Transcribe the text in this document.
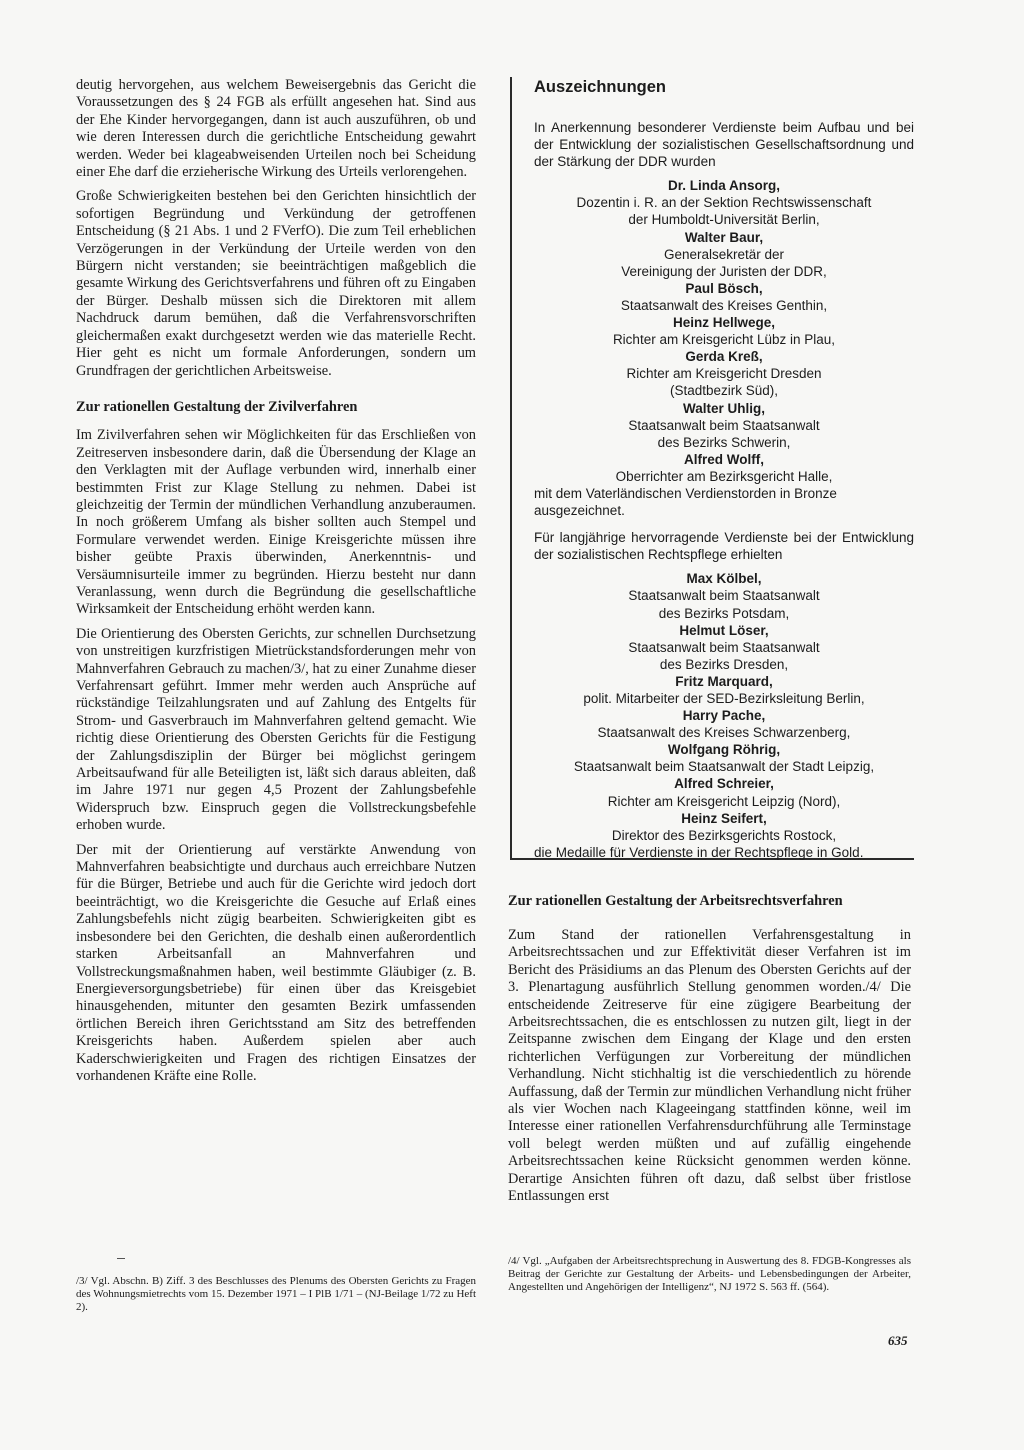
deutig hervorgehen, aus welchem Beweisergebnis das Gericht die Voraussetzungen des § 24 FGB als erfüllt angesehen hat. Sind aus der Ehe Kinder hervorgegangen, dann ist auch auszuführen, ob und wie deren Interessen durch die gerichtliche Entscheidung gewahrt werden. Weder bei klageabweisenden Urteilen noch bei Scheidung einer Ehe darf die erzieherische Wirkung des Urteils verlorengehen.

Große Schwierigkeiten bestehen bei den Gerichten hinsichtlich der sofortigen Begründung und Verkündung der getroffenen Entscheidung (§ 21 Abs. 1 und 2 FVerfO). Die zum Teil erheblichen Verzögerungen in der Verkündung der Urteile werden von den Bürgern nicht verstanden; sie beeinträchtigen maßgeblich die gesamte Wirkung des Gerichtsverfahrens und führen oft zu Eingaben der Bürger. Deshalb müssen sich die Direktoren mit allem Nachdruck darum bemühen, daß die Verfahrensvorschriften gleichermaßen exakt durchgesetzt werden wie das materielle Recht. Hier geht es nicht um formale Anforderungen, sondern um Grundfragen der gerichtlichen Arbeitsweise.

Zur rationellen Gestaltung der Zivilverfahren

Im Zivilverfahren sehen wir Möglichkeiten für das Erschließen von Zeitreserven insbesondere darin, daß die Übersendung der Klage an den Verklagten mit der Auflage verbunden wird, innerhalb einer bestimmten Frist zur Klage Stellung zu nehmen. Dabei ist gleichzeitig der Termin der mündlichen Verhandlung anzuberaumen. In noch größerem Umfang als bisher sollten auch Stempel und Formulare verwendet werden. Einige Kreisgerichte müssen ihre bisher geübte Praxis überwinden, Anerkenntnis- und Versäumnisurteile immer zu begründen. Hierzu besteht nur dann Veranlassung, wenn durch die Begründung die gesellschaftliche Wirksamkeit der Entscheidung erhöht werden kann.

Die Orientierung des Obersten Gerichts, zur schnellen Durchsetzung von unstreitigen kurzfristigen Mietrückstandsforderungen mehr von Mahnverfahren Gebrauch zu machen/3/, hat zu einer Zunahme dieser Verfahrensart geführt. Immer mehr werden auch Ansprüche auf rückständige Teilzahlungsraten und auf Zahlung des Entgelts für Strom- und Gasverbrauch im Mahnverfahren geltend gemacht. Wie richtig diese Orientierung des Obersten Gerichts für die Festigung der Zahlungsdisziplin der Bürger bei möglichst geringem Arbeitsaufwand für alle Beteiligten ist, läßt sich daraus ableiten, daß im Jahre 1971 nur gegen 4,5 Prozent der Zahlungsbefehle Widerspruch bzw. Einspruch gegen die Vollstreckungsbefehle erhoben wurde.

Der mit der Orientierung auf verstärkte Anwendung von Mahnverfahren beabsichtigte und durchaus auch erreichbare Nutzen für die Bürger, Betriebe und auch für die Gerichte wird jedoch dort beeinträchtigt, wo die Kreisgerichte die Gesuche auf Erlaß eines Zahlungsbefehls nicht zügig bearbeiten. Schwierigkeiten gibt es insbesondere bei den Gerichten, die deshalb einen außerordentlich starken Arbeitsanfall an Mahnverfahren und Vollstreckungsmaßnahmen haben, weil bestimmte Gläubiger (z. B. Energieversorgungsbetriebe) für einen über das Kreisgebiet hinausgehenden, mitunter den gesamten Bezirk umfassenden örtlichen Bereich ihren Gerichtsstand am Sitz des betreffenden Kreisgerichts haben. Außerdem spielen aber auch Kaderschwierigkeiten und Fragen des richtigen Einsatzes der vorhandenen Kräfte eine Rolle.

/3/ Vgl. Abschn. B) Ziff. 3 des Beschlusses des Plenums des Obersten Gerichts zu Fragen des Wohnungsmietrechts vom 15. Dezember 1971 – I PlB 1/71 – (NJ-Beilage 1/72 zu Heft 2).

Auszeichnungen

In Anerkennung besonderer Verdienste beim Aufbau und bei der Entwicklung der sozialistischen Gesellschaftsordnung und der Stärkung der DDR wurden

Dr. Linda Ansorg,
Dozentin i. R. an der Sektion Rechtswissenschaft
der Humboldt-Universität Berlin,
Walter Baur,
Generalsekretär der
Vereinigung der Juristen der DDR,
Paul Bösch,
Staatsanwalt des Kreises Genthin,
Heinz Hellwege,
Richter am Kreisgericht Lübz in Plau,
Gerda Kreß,
Richter am Kreisgericht Dresden
(Stadtbezirk Süd),
Walter Uhlig,
Staatsanwalt beim Staatsanwalt
des Bezirks Schwerin,
Alfred Wolff,
Oberrichter am Bezirksgericht Halle,

mit dem Vaterländischen Verdienstorden in Bronze ausgezeichnet.

Für langjährige hervorragende Verdienste bei der Entwicklung der sozialistischen Rechtspflege erhielten

Max Kölbel,
Staatsanwalt beim Staatsanwalt
des Bezirks Potsdam,
Helmut Löser,
Staatsanwalt beim Staatsanwalt
des Bezirks Dresden,
Fritz Marquard,
polit. Mitarbeiter der SED-Bezirksleitung Berlin,
Harry Pache,
Staatsanwalt des Kreises Schwarzenberg,
Wolfgang Röhrig,
Staatsanwalt beim Staatsanwalt der Stadt Leipzig,
Alfred Schreier,
Richter am Kreisgericht Leipzig (Nord),
Heinz Seifert,
Direktor des Bezirksgerichts Rostock,

die Medaille für Verdienste in der Rechtspflege in Gold.

Zur rationellen Gestaltung der Arbeitsrechtsverfahren

Zum Stand der rationellen Verfahrensgestaltung in Arbeitsrechtssachen und zur Effektivität dieser Verfahren ist im Bericht des Präsidiums an das Plenum des Obersten Gerichts auf der 3. Plenartagung ausführlich Stellung genommen worden./4/ Die entscheidende Zeitreserve für eine zügigere Bearbeitung der Arbeitsrechtssachen, die es entschlossen zu nutzen gilt, liegt in der Zeitspanne zwischen dem Eingang der Klage und den ersten richterlichen Verfügungen zur Vorbereitung der mündlichen Verhandlung. Nicht stichhaltig ist die verschiedentlich zu hörende Auffassung, daß der Termin zur mündlichen Verhandlung nicht früher als vier Wochen nach Klageeingang stattfinden könne, weil im Interesse einer rationellen Verfahrensdurchführung alle Terminstage voll belegt werden müßten und auf zufällig eingehende Arbeitsrechtssachen keine Rücksicht genommen werden könne. Derartige Ansichten führen oft dazu, daß selbst über fristlose Entlassungen erst

/4/ Vgl. „Aufgaben der Arbeitsrechtsprechung in Auswertung des 8. FDGB-Kongresses als Beitrag der Gerichte zur Gestaltung der Arbeits- und Lebensbedingungen der Arbeiter, Angestellten und Angehörigen der Intelligenz“, NJ 1972 S. 563 ff. (564).

635
